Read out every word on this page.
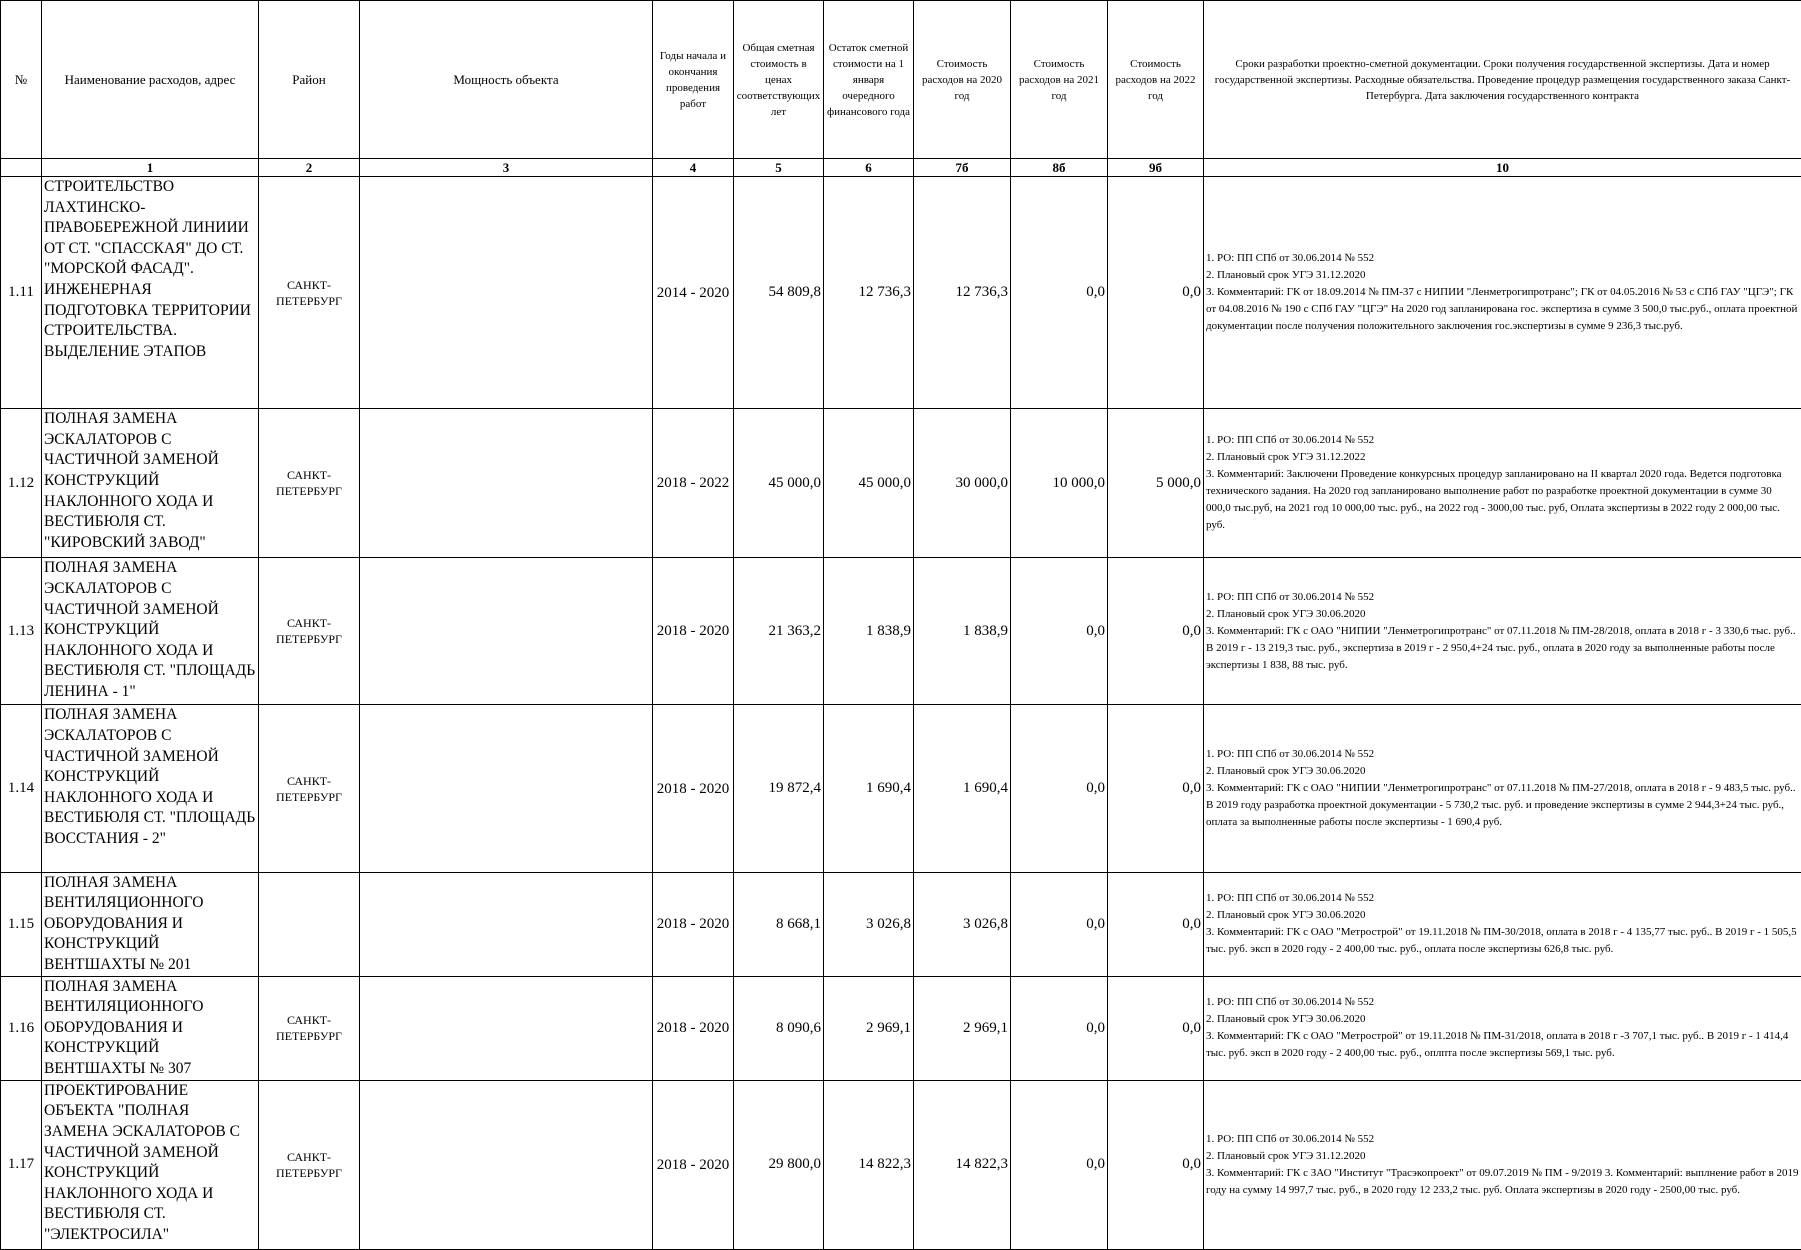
№	Наименование расходов, адрес	Район	Мощность объекта	Годы начала и окончания проведения работ	Общая сметная стоимость в ценах соответствующих лет	Остаток сметной стоимости на 1 января очередного финансового года	Стоимость расходов на 2020 год	Стоимость расходов на 2021 год	Стоимость расходов на 2022 год	Сроки разработки проектно-сметной документации. Сроки получения государственной экспертизы. Дата и номер государственной экспертизы. Расходные обязательства. Проведение процедур размещения государственного заказа Санкт-Петербурга. Дата заключения государственного контракта
	1	2	3	4	5	6	7б	8б	9б	10
1.11	СТРОИТЕЛЬСТВО ЛАХТИНСКО-ПРАВОБЕРЕЖНОЙ ЛИНИИИ ОТ СТ. "СПАССКАЯ" ДО СТ. "МОРСКОЙ ФАСАД". ИНЖЕНЕРНАЯ ПОДГОТОВКА ТЕРРИТОРИИ СТРОИТЕЛЬСТВА. ВЫДЕЛЕНИЕ ЭТАПОВ	САНКТ-ПЕТЕРБУРГ		2014 - 2020	54 809,8	12 736,3	12 736,3	0,0	0,0	1. РО: ПП СПб от 30.06.2014 № 552
2. Плановый срок УГЭ 31.12.2020
3. Комментарий: ГК от 18.09.2014 № ПМ-37 с НИПИИ "Ленметрогипротранс"; ГК от 04.05.2016 № 53 с СПб ГАУ "ЦГЭ"; ГК от 04.08.2016 № 190 с СПб ГАУ "ЦГЭ" На 2020 год запланирована гос. экспертиза в сумме 3 500,0 тыс.руб., оплата проектной документации после получения положительного заключения гос.экспертизы в сумме 9 236,3 тыс.руб.
1.12	ПОЛНАЯ ЗАМЕНА ЭСКАЛАТОРОВ С ЧАСТИЧНОЙ ЗАМЕНОЙ КОНСТРУКЦИЙ НАКЛОННОГО ХОДА И ВЕСТИБЮЛЯ СТ. "КИРОВСКИЙ ЗАВОД"	САНКТ-ПЕТЕРБУРГ		2018 - 2022	45 000,0	45 000,0	30 000,0	10 000,0	5 000,0	1. РО: ПП СПб от 30.06.2014 № 552
2. Плановый срок УГЭ 31.12.2022
3. Комментарий: Заключени Проведение конкурсных процедур запланировано на II квартал 2020 года. Ведется подготовка технического задания. На 2020 год запланировано выполнение работ по разработке проектной документации в сумме 30 000,0 тыс.руб, на 2021 год 10 000,00 тыс. руб., на 2022 год - 3000,00 тыс. руб, Оплата экспертизы в 2022 году 2 000,00 тыс. руб.
1.13	ПОЛНАЯ ЗАМЕНА ЭСКАЛАТОРОВ С ЧАСТИЧНОЙ ЗАМЕНОЙ КОНСТРУКЦИЙ НАКЛОННОГО ХОДА И ВЕСТИБЮЛЯ СТ. "ПЛОЩАДЬ ЛЕНИНА - 1"	САНКТ-ПЕТЕРБУРГ		2018 - 2020	21 363,2	1 838,9	1 838,9	0,0	0,0	1. РО: ПП СПб от 30.06.2014 № 552
2. Плановый срок УГЭ 30.06.2020
3. Комментарий: ГК с ОАО "НИПИИ "Ленметрогипротранс" от 07.11.2018 № ПМ-28/2018, оплата в 2018 г - 3 330,6 тыс. руб.. В 2019 г - 13 219,3 тыс. руб., экспертиза в 2019 г - 2 950,4+24 тыс. руб., оплата в 2020 году за выполненные работы после экспертизы 1 838, 88 тыс. руб.
1.14	ПОЛНАЯ ЗАМЕНА ЭСКАЛАТОРОВ С ЧАСТИЧНОЙ ЗАМЕНОЙ КОНСТРУКЦИЙ НАКЛОННОГО ХОДА И ВЕСТИБЮЛЯ СТ. "ПЛОЩАДЬ ВОССТАНИЯ - 2"	САНКТ-ПЕТЕРБУРГ		2018 - 2020	19 872,4	1 690,4	1 690,4	0,0	0,0	1. РО: ПП СПб от 30.06.2014 № 552
2. Плановый срок УГЭ 30.06.2020
3. Комментарий: ГК с ОАО "НИПИИ "Ленметрогипротранс" от 07.11.2018 № ПМ-27/2018, оплата в 2018 г - 9 483,5 тыс. руб.. В 2019 году разработка проектной документации - 5 730,2 тыс. руб. и проведение экспертизы в сумме 2 944,3+24 тыс. руб., оплата за выполненные работы после экспертизы - 1 690,4 руб.
1.15	ПОЛНАЯ ЗАМЕНА ВЕНТИЛЯЦИОННОГО ОБОРУДОВАНИЯ И КОНСТРУКЦИЙ ВЕНТШАХТЫ № 201			2018 - 2020	8 668,1	3 026,8	3 026,8	0,0	0,0	1. РО: ПП СПб от 30.06.2014 № 552
2. Плановый срок УГЭ 30.06.2020
3. Комментарий: ГК с ОАО "Метрострой" от 19.11.2018 № ПМ-30/2018, оплата в 2018 г - 4 135,77 тыс. руб.. В 2019 г - 1 505,5 тыс. руб. эксп в 2020 году - 2 400,00 тыс. руб., оплата после экспертизы 626,8 тыс. руб.
1.16	ПОЛНАЯ ЗАМЕНА ВЕНТИЛЯЦИОННОГО ОБОРУДОВАНИЯ И КОНСТРУКЦИЙ ВЕНТШАХТЫ № 307	САНКТ-ПЕТЕРБУРГ		2018 - 2020	8 090,6	2 969,1	2 969,1	0,0	0,0	1. РО: ПП СПб от 30.06.2014 № 552
2. Плановый срок УГЭ 30.06.2020
3. Комментарий: ГК с ОАО "Метрострой" от 19.11.2018 № ПМ-31/2018, оплата в 2018 г -3 707,1 тыс. руб.. В 2019 г - 1 414,4 тыс. руб. эксп в 2020 году - 2 400,00 тыс. руб., оплпта после экспертизы 569,1 тыс. руб.
1.17	ПРОЕКТИРОВАНИЕ ОБЪЕКТА "ПОЛНАЯ ЗАМЕНА ЭСКАЛАТОРОВ С ЧАСТИЧНОЙ ЗАМЕНОЙ КОНСТРУКЦИЙ НАКЛОННОГО ХОДА И ВЕСТИБЮЛЯ СТ. "ЭЛЕКТРОСИЛА"	САНКТ-ПЕТЕРБУРГ		2018 - 2020	29 800,0	14 822,3	14 822,3	0,0	0,0	1. РО: ПП СПб от 30.06.2014 № 552
2. Плановый срок УГЭ 31.12.2020
3. Комментарий: ГК с ЗАО "Институт "Трасэкопроект" от 09.07.2019 № ПМ - 9/2019 3. Комментарий: выплнение работ в 2019 году на сумму 14 997,7 тыс. руб., в 2020 году 12 233,2 тыс. руб. Оплата экспертизы в 2020 году - 2500,00 тыс. руб.
